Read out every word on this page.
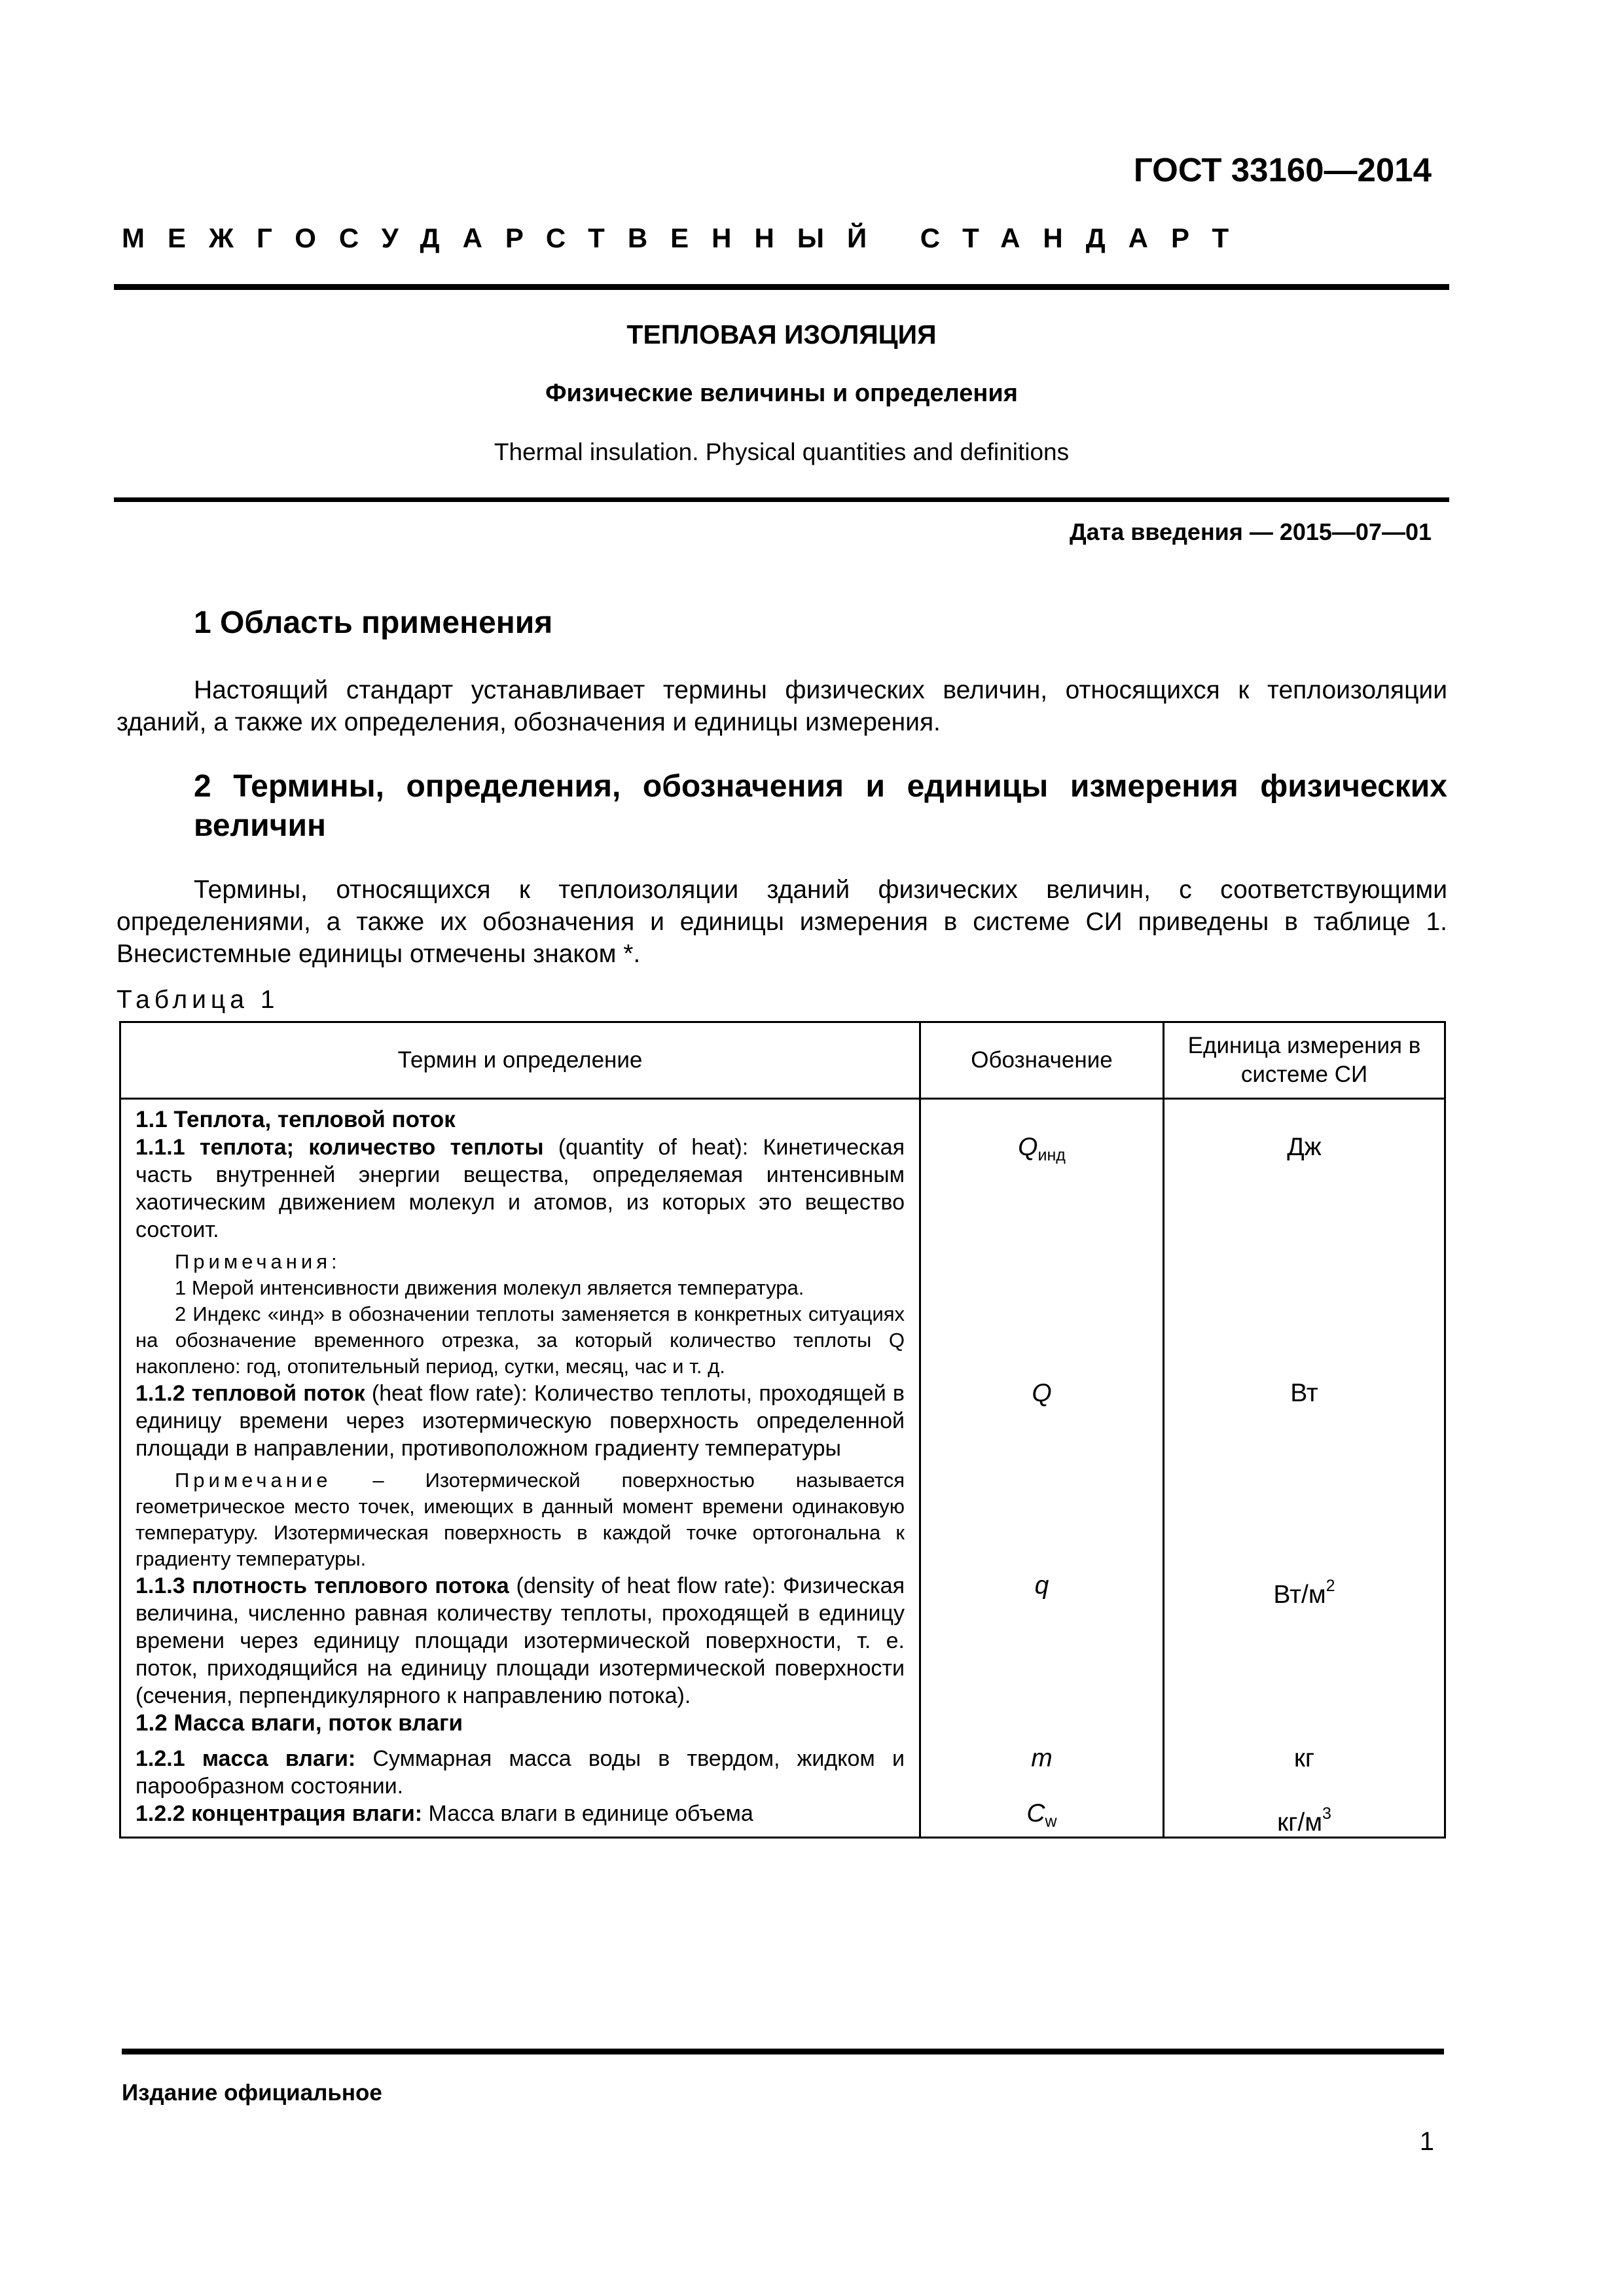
ГОСТ 33160—2014
МЕЖГОСУДАРСТВЕННЫЙ СТАНДАРТ
ТЕПЛОВАЯ ИЗОЛЯЦИЯ
Физические величины и определения
Thermal insulation. Physical quantities and definitions
Дата введения — 2015—07—01
1 Область применения
Настоящий стандарт устанавливает термины физических величин, относящихся к теплоизоляции зданий, а также их определения, обозначения и единицы измерения.
2 Термины, определения, обозначения и единицы измерения физических величин
Термины, относящихся к теплоизоляции зданий физических величин, с соответствующими определениями, а также их обозначения и единицы измерения в системе СИ приведены в таблице 1. Внесистемные единицы отмечены знаком *.
Таблица 1
Термин и определение	Обозначение	Единица измерения в системе СИ

1.1 Теплота, тепловой поток		

1.1.1 теплота; количество теплоты (quantity of heat): Кинетическая часть внутренней энергии вещества, определяемая интенсивным хаотическим движением молекул и атомов, из которых это вещество состоит.
Примечания:
1 Мерой интенсивности движения молекул является температура.
2 Индекс «инд» в обозначении теплоты заменяется в конкретных ситуациях на обозначение временного отрезка, за который количество теплоты Q накоплено: год, отопительный период, сутки, месяц, час и т. д.	$Q_{инд}$	Дж

1.1.2 тепловой поток (heat flow rate): Количество теплоты, проходящей в единицу времени через изотермическую поверхность определенной площади в направлении, противоположном градиенту температуры
Примечание – Изотермической поверхностью называется геометрическое место точек, имеющих в данный момент времени одинаковую температуру. Изотермическая поверхность в каждой точке ортогональна к градиенту температуры.	Q	Вт

1.1.3 плотность теплового потока (density of heat flow rate): Физическая величина, численно равная количеству теплоты, проходящей в единицу времени через единицу площади изотермической поверхности, т. е. поток, приходящийся на единицу площади изотермической поверхности (сечения, перпендикулярного к направлению потока).	q	$Вт/м^2$

1.2 Масса влаги, поток влаги		

1.2.1 масса влаги: Суммарная масса воды в твердом, жидком и парообразном состоянии.	m	кг

1.2.2 концентрация влаги: Масса влаги в единице объема	$C_w$	$кг/м^3$
Издание официальное
1
